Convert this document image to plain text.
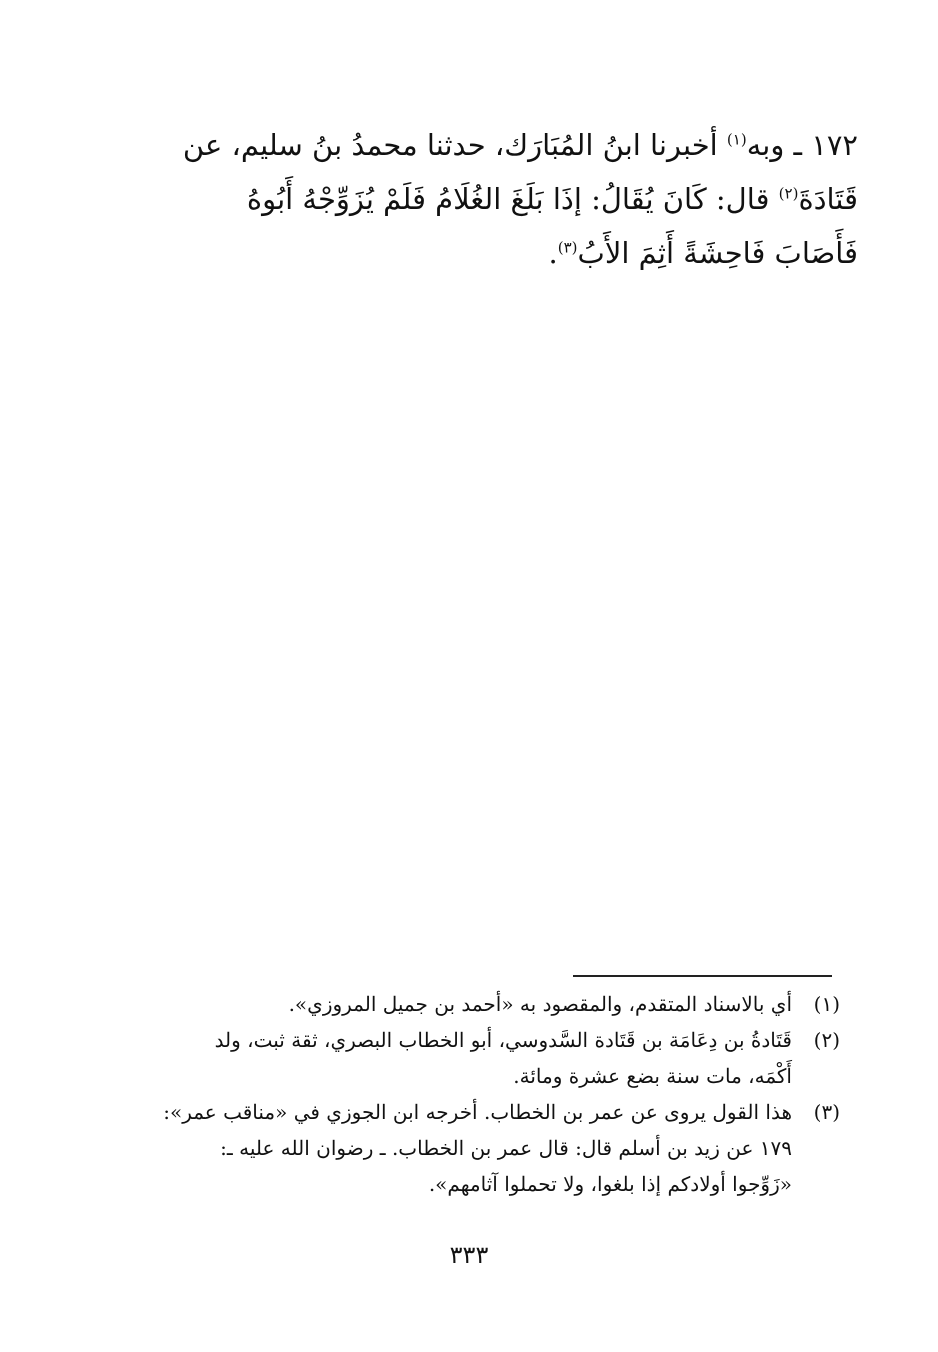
١٧٢ ـ وبه$^{(١)}$ أخبرنا ابنُ المُبَارَك، حدثنا محمدُ بنُ سليم، عن
قَتَادَةَ$^{(٢)}$ قال: كَانَ يُقَالُ: إذَا بَلَغَ الغُلَامُ فَلَمْ يُزَوِّجْهُ أَبُوهُ
فَأَصَابَ فَاحِشَةً أَثِمَ الأَبُ$^{(٣)}$.
(١)
أي بالاسناد المتقدم، والمقصود به «أحمد بن جميل المروزي».
(٢)
قَتَادةُ بن دِعَامَة بن قَتَادة السَّدوسي، أبو الخطاب البصري، ثقة ثبت، ولد
أَكْمَه، مات سنة بضع عشرة ومائة.
(٣)
هذا القول يروى عن عمر بن الخطاب. أخرجه ابن الجوزي في «مناقب عمر»:
١٧٩ عن زيد بن أسلم قال: قال عمر بن الخطاب. ـ رضوان الله عليه ـ:
«زَوِّجوا أولادكم إذا بلغوا، ولا تحملوا آثامهم».
٣٣٣
